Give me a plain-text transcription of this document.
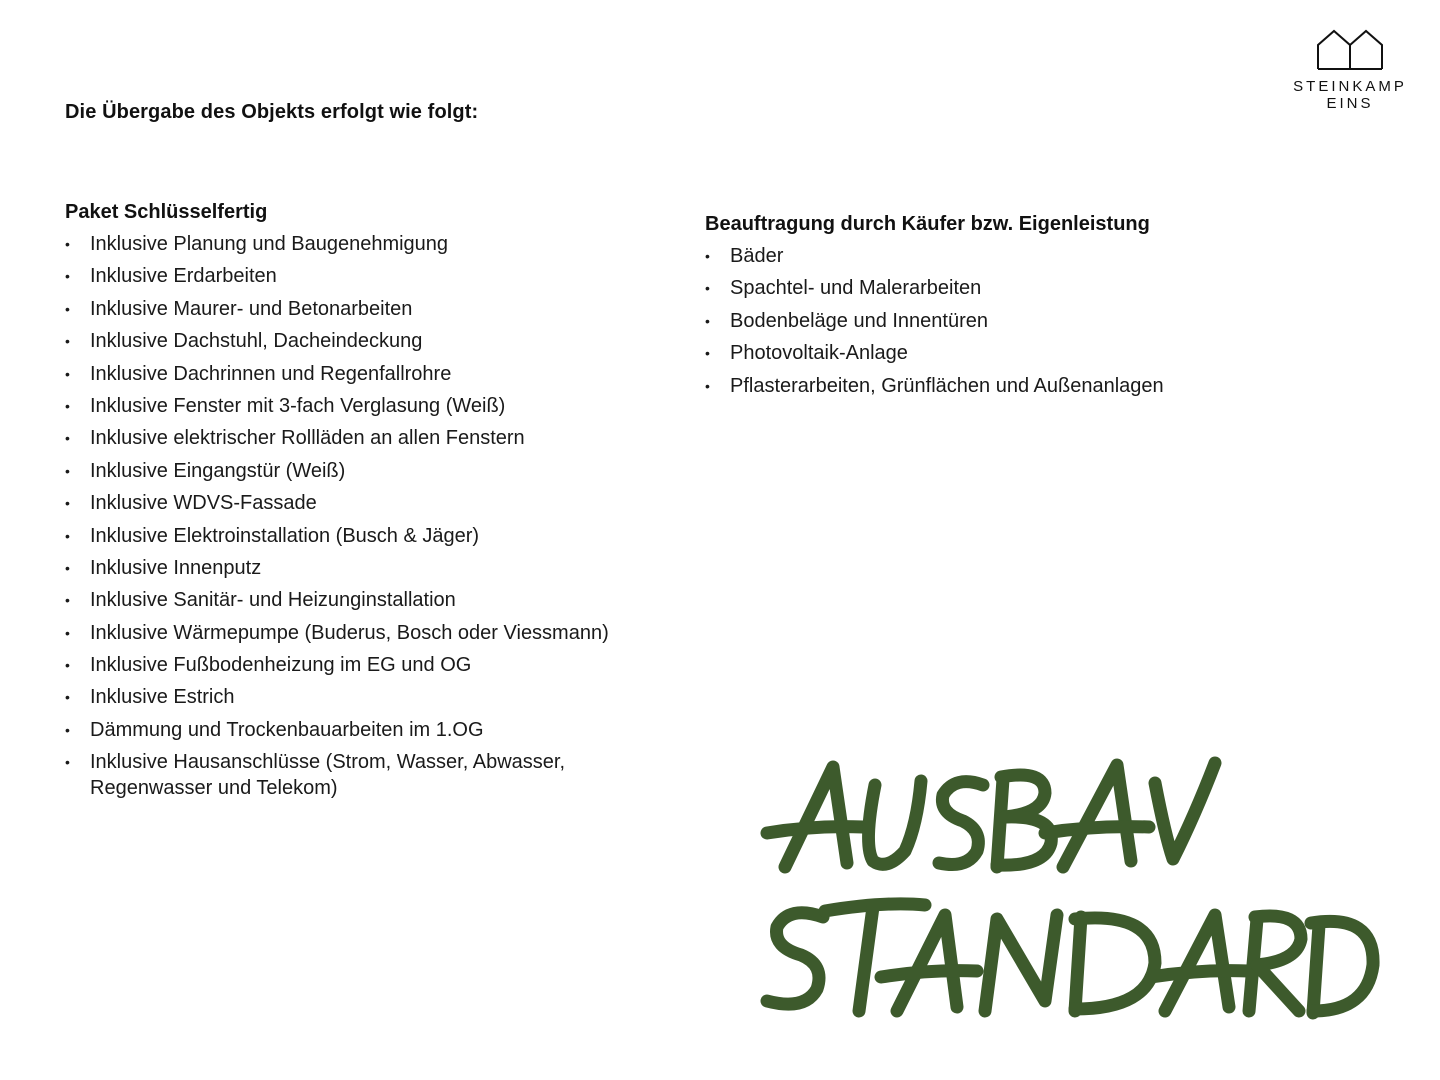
STEINKAMP
EINS
Die Übergabe des Objekts erfolgt wie folgt:
Paket Schlüsselfertig
• Inklusive Planung und Baugenehmigung
• Inklusive Erdarbeiten
• Inklusive Maurer- und Betonarbeiten
• Inklusive Dachstuhl, Dacheindeckung
• Inklusive Dachrinnen und Regenfallrohre
• Inklusive Fenster mit 3-fach Verglasung (Weiß)
• Inklusive elektrischer Rollläden an allen Fenstern
• Inklusive Eingangstür (Weiß)
• Inklusive WDVS-Fassade
• Inklusive Elektroinstallation (Busch & Jäger)
• Inklusive Innenputz
• Inklusive Sanitär- und Heizunginstallation
• Inklusive Wärmepumpe (Buderus, Bosch oder Viessmann)
• Inklusive Fußbodenheizung im EG und OG
• Inklusive Estrich
• Dämmung und Trockenbauarbeiten im 1.OG
• Inklusive Hausanschlüsse (Strom, Wasser, Abwasser, Regenwasser und Telekom)
Beauftragung durch Käufer bzw. Eigenleistung
• Bäder
• Spachtel- und Malerarbeiten
• Bodenbeläge und Innentüren
• Photovoltaik-Anlage
• Pflasterarbeiten, Grünflächen und Außenanlagen
